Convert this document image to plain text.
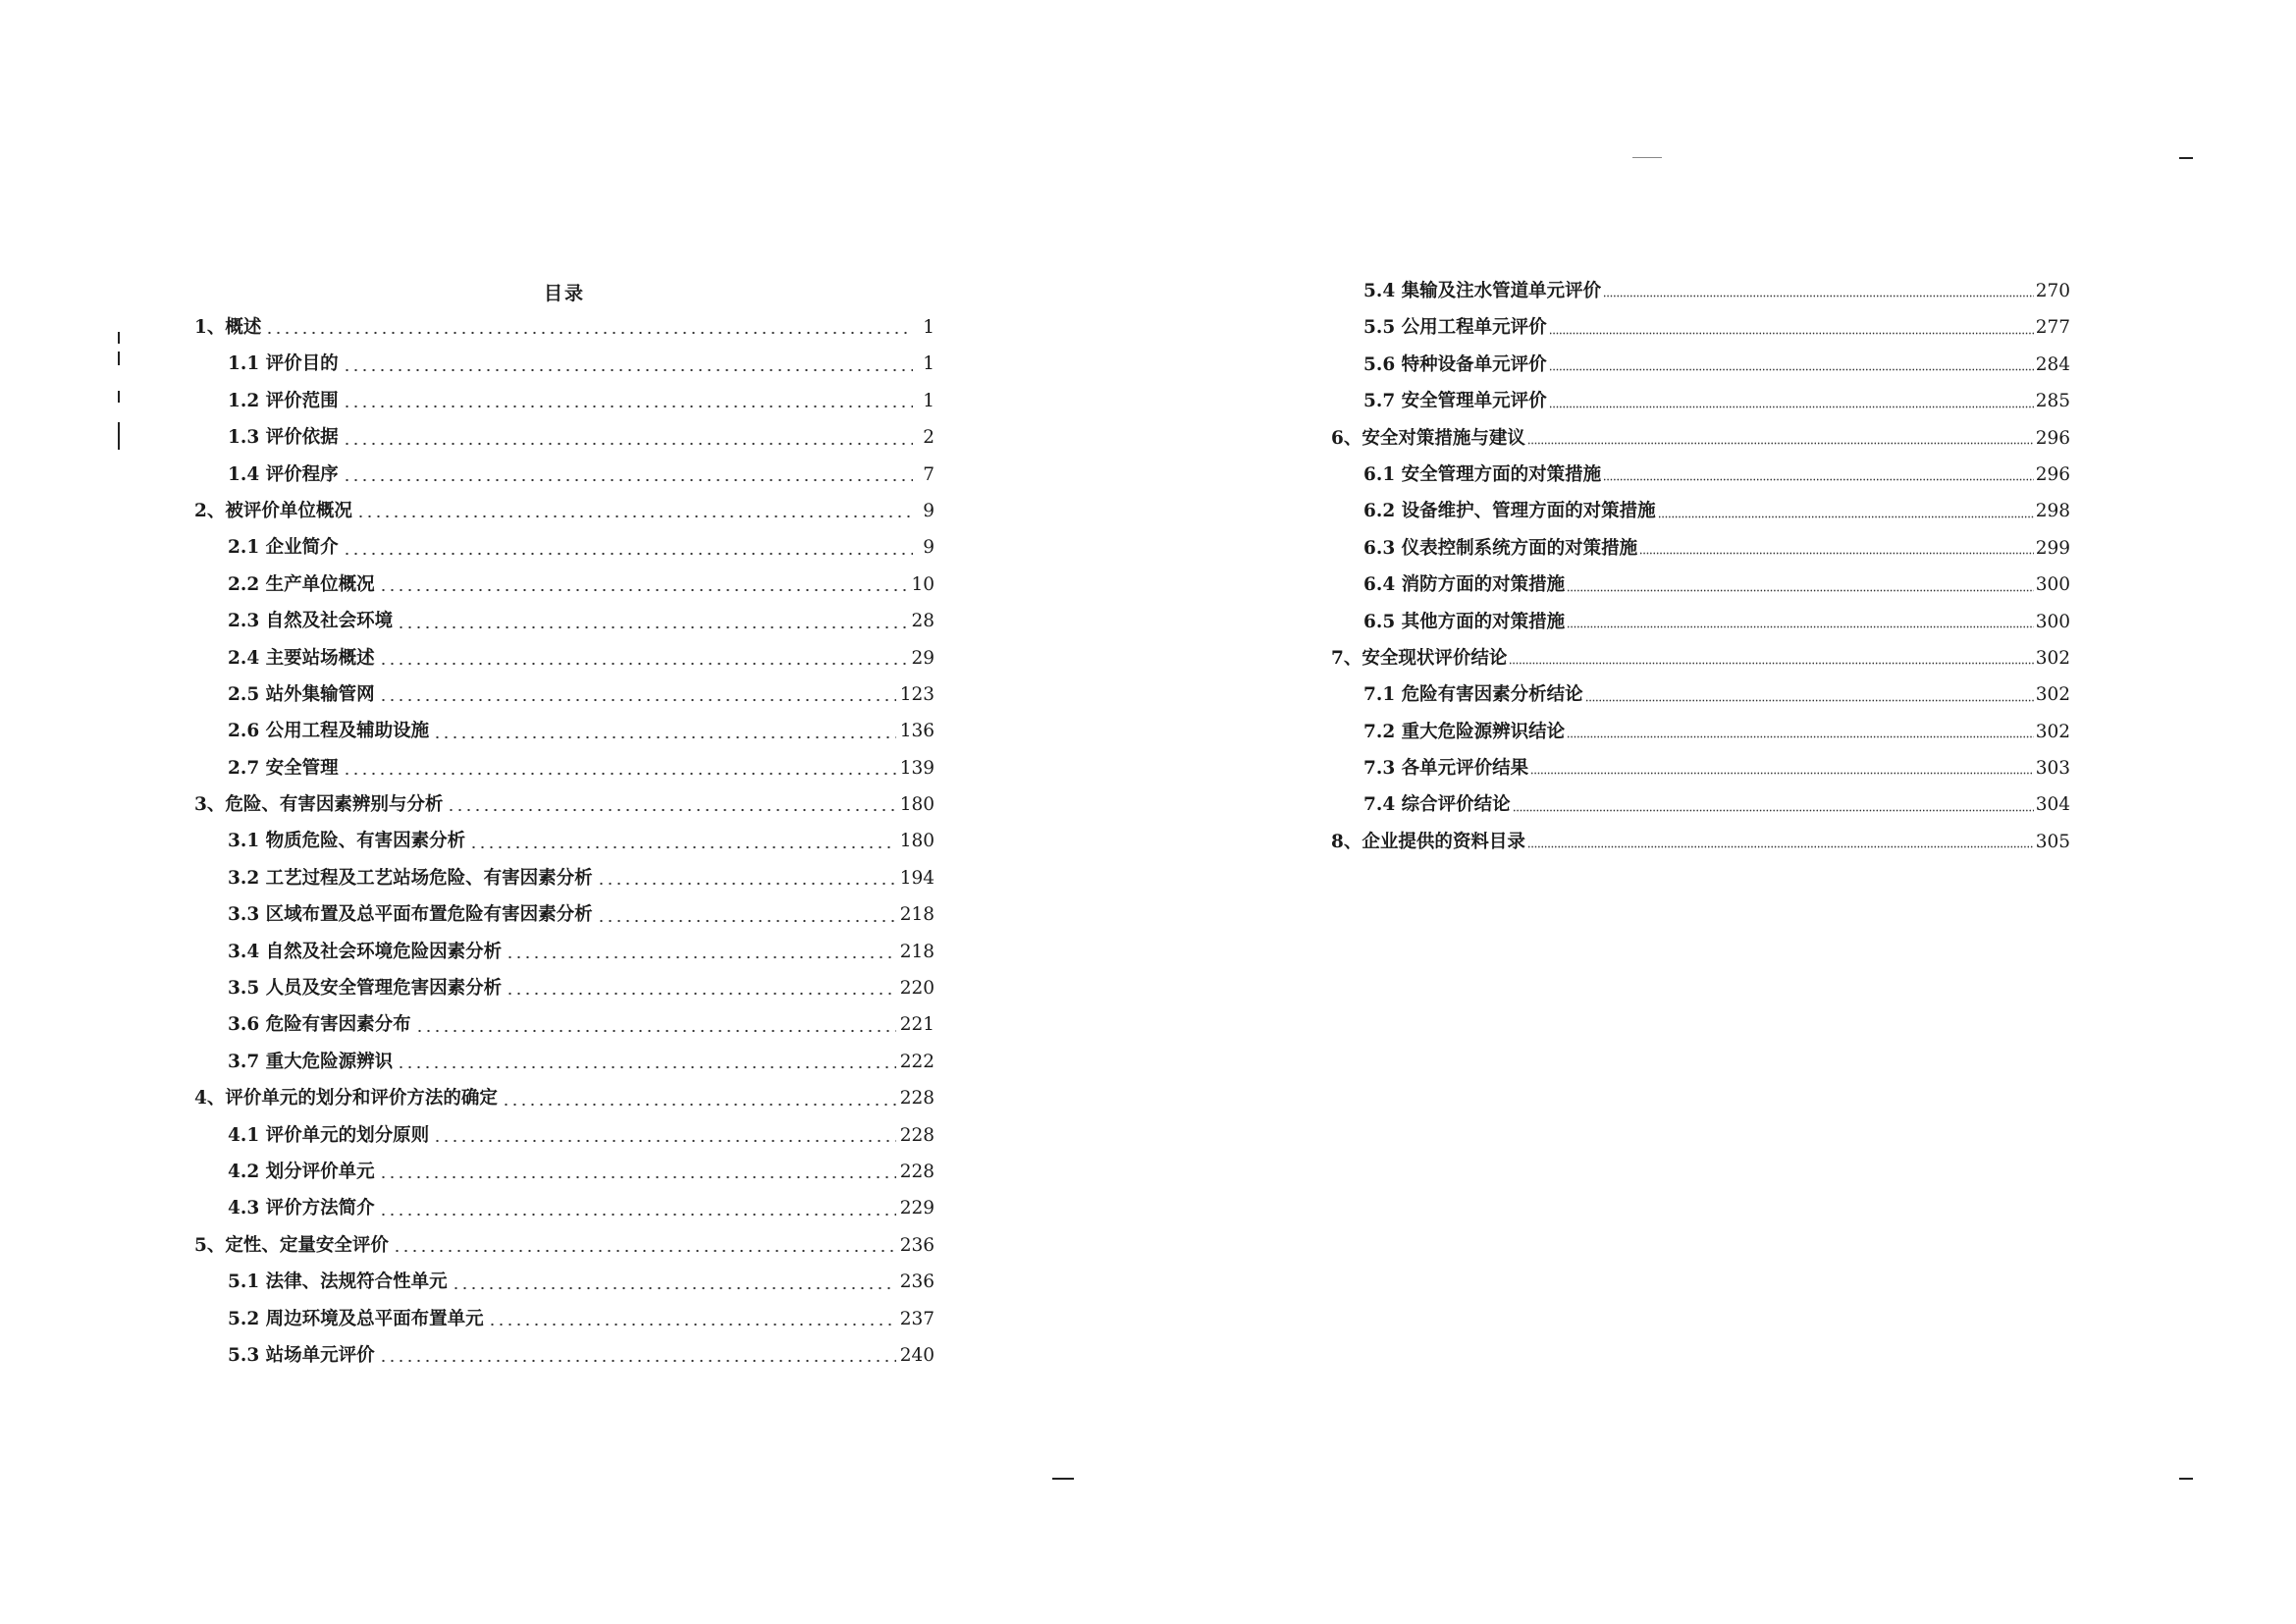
目录
1、概述	1
1.1 评价目的	1
1.2 评价范围	1
1.3 评价依据	2
1.4 评价程序	7
2、被评价单位概况	9
2.1 企业简介	9
2.2 生产单位概况	10
2.3 自然及社会环境	28
2.4 主要站场概述	29
2.5 站外集输管网	123
2.6 公用工程及辅助设施	136
2.7 安全管理	139
3、危险、有害因素辨别与分析	180
3.1 物质危险、有害因素分析	180
3.2 工艺过程及工艺站场危险、有害因素分析	194
3.3 区域布置及总平面布置危险有害因素分析	218
3.4 自然及社会环境危险因素分析	218
3.5 人员及安全管理危害因素分析	220
3.6 危险有害因素分布	221
3.7 重大危险源辨识	222
4、评价单元的划分和评价方法的确定	228
4.1 评价单元的划分原则	228
4.2 划分评价单元	228
4.3 评价方法简介	229
5、定性、定量安全评价	236
5.1 法律、法规符合性单元	236
5.2 周边环境及总平面布置单元	237
5.3 站场单元评价	240
5.4 集输及注水管道单元评价	270
5.5 公用工程单元评价	277
5.6 特种设备单元评价	284
5.7 安全管理单元评价	285
6、安全对策措施与建议	296
6.1 安全管理方面的对策措施	296
6.2 设备维护、管理方面的对策措施	298
6.3 仪表控制系统方面的对策措施	299
6.4 消防方面的对策措施	300
6.5 其他方面的对策措施	300
7、安全现状评价结论	302
7.1 危险有害因素分析结论	302
7.2 重大危险源辨识结论	302
7.3 各单元评价结果	303
7.4 综合评价结论	304
8、企业提供的资料目录	305
